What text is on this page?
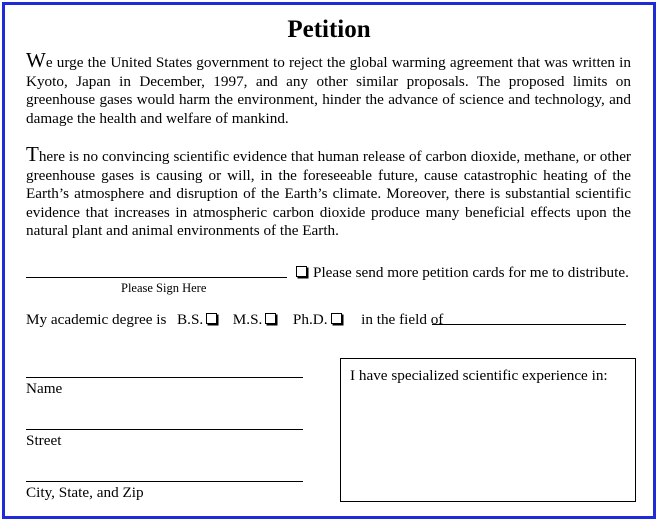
Petition
We urge the United States government to reject the global warming agreement that was written in Kyoto, Japan in December, 1997, and any other similar proposals. The proposed limits on greenhouse gases would harm the environment, hinder the advance of science and technology, and damage the health and welfare of mankind.
There is no convincing scientific evidence that human release of carbon dioxide, methane, or other greenhouse gases is causing or will, in the foreseeable future, cause catastrophic heating of the Earth’s atmosphere and disruption of the Earth’s climate. Moreover, there is substantial scientific evidence that increases in atmospheric carbon dioxide produce many beneficial effects upon the natural plant and animal environments of the Earth.
Please Sign Here
Please send more petition cards for me to distribute.
My academic degree is B.S. M.S. Ph.D. in the field of
Name
Street
City, State, and Zip
I have specialized scientific experience in:
